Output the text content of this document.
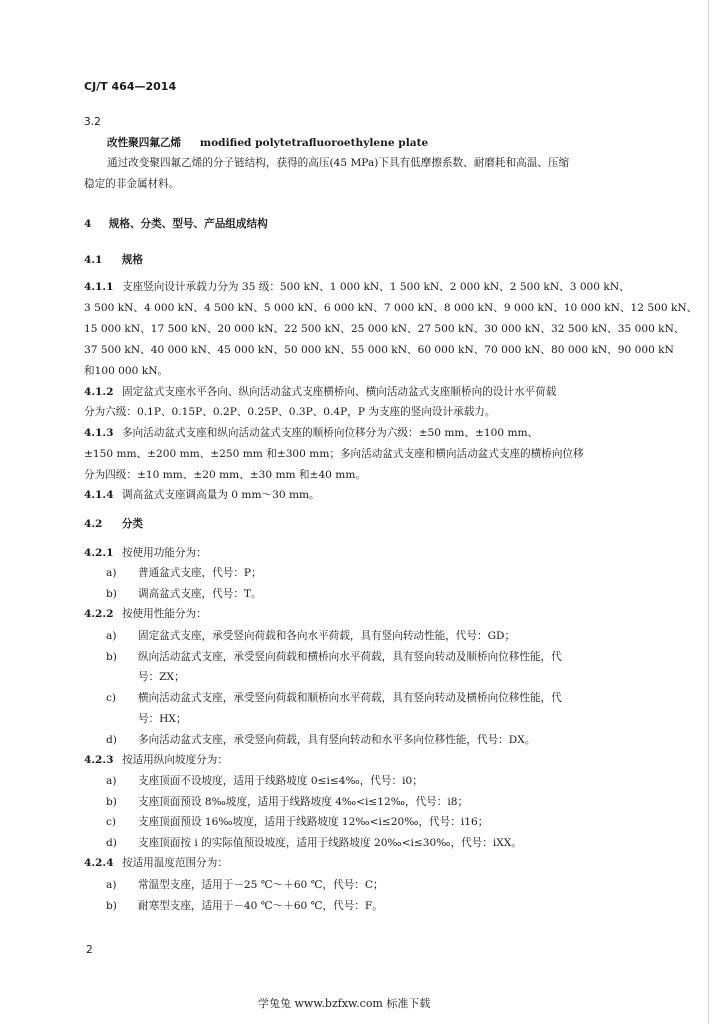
CJ/T 464—2014
3.2
改性聚四氟乙烯 modified polytetrafluoroethylene plate
通过改变聚四氟乙烯的分子链结构，获得的高压(45 MPa)下具有低摩擦系数、耐磨耗和高温、压缩
稳定的非金属材料。
4 规格、分类、型号、产品组成结构
4.1 规格
4.1.1 支座竖向设计承载力分为 35 级：500 kN、1 000 kN、1 500 kN、2 000 kN、2 500 kN、3 000 kN、
3 500 kN、4 000 kN、4 500 kN、5 000 kN、6 000 kN、7 000 kN、8 000 kN、9 000 kN、10 000 kN、12 500 kN、
15 000 kN、17 500 kN、20 000 kN、22 500 kN、25 000 kN、27 500 kN、30 000 kN、32 500 kN、35 000 kN、
37 500 kN、40 000 kN、45 000 kN、50 000 kN、55 000 kN、60 000 kN、70 000 kN、80 000 kN、90 000 kN
和100 000 kN。
4.1.2 固定盆式支座水平各向、纵向活动盆式支座横桥向、横向活动盆式支座顺桥向的设计水平荷载
分为六级：0.1P、0.15P、0.2P、0.25P、0.3P、0.4P，P 为支座的竖向设计承载力。
4.1.3 多向活动盆式支座和纵向活动盆式支座的顺桥向位移分为六级：±50 mm、±100 mm、
±150 mm、±200 mm、±250 mm 和±300 mm；多向活动盆式支座和横向活动盆式支座的横桥向位移
分为四级：±10 mm、±20 mm、±30 mm 和±40 mm。
4.1.4 调高盆式支座调高量为 0 mm～30 mm。
4.2 分类
4.2.1 按使用功能分为：
a) 普通盆式支座，代号：P；
b) 调高盆式支座，代号：T。
4.2.2 按使用性能分为：
a) 固定盆式支座，承受竖向荷载和各向水平荷载，具有竖向转动性能，代号：GD；
b) 纵向活动盆式支座，承受竖向荷载和横桥向水平荷载，具有竖向转动及顺桥向位移性能，代
号：ZX；
c) 横向活动盆式支座，承受竖向荷载和顺桥向水平荷载，具有竖向转动及横桥向位移性能，代
号：HX；
d) 多向活动盆式支座，承受竖向荷载，具有竖向转动和水平多向位移性能，代号：DX。
4.2.3 按适用纵向坡度分为：
a) 支座顶面不设坡度，适用于线路坡度 0≤i≤4‰，代号：i0；
b) 支座顶面预设 8‰坡度，适用于线路坡度 4‰<i≤12‰，代号：i8；
c) 支座顶面预设 16‰坡度，适用于线路坡度 12‰<i≤20‰，代号：i16；
d) 支座顶面按 i 的实际值预设坡度，适用于线路坡度 20‰<i≤30‰，代号：iXX。
4.2.4 按适用温度范围分为：
a) 常温型支座，适用于－25 ℃～＋60 ℃，代号：C；
b) 耐寒型支座，适用于－40 ℃～＋60 ℃，代号：F。
2
学兔兔 www.bzfxw.com 标准下载
